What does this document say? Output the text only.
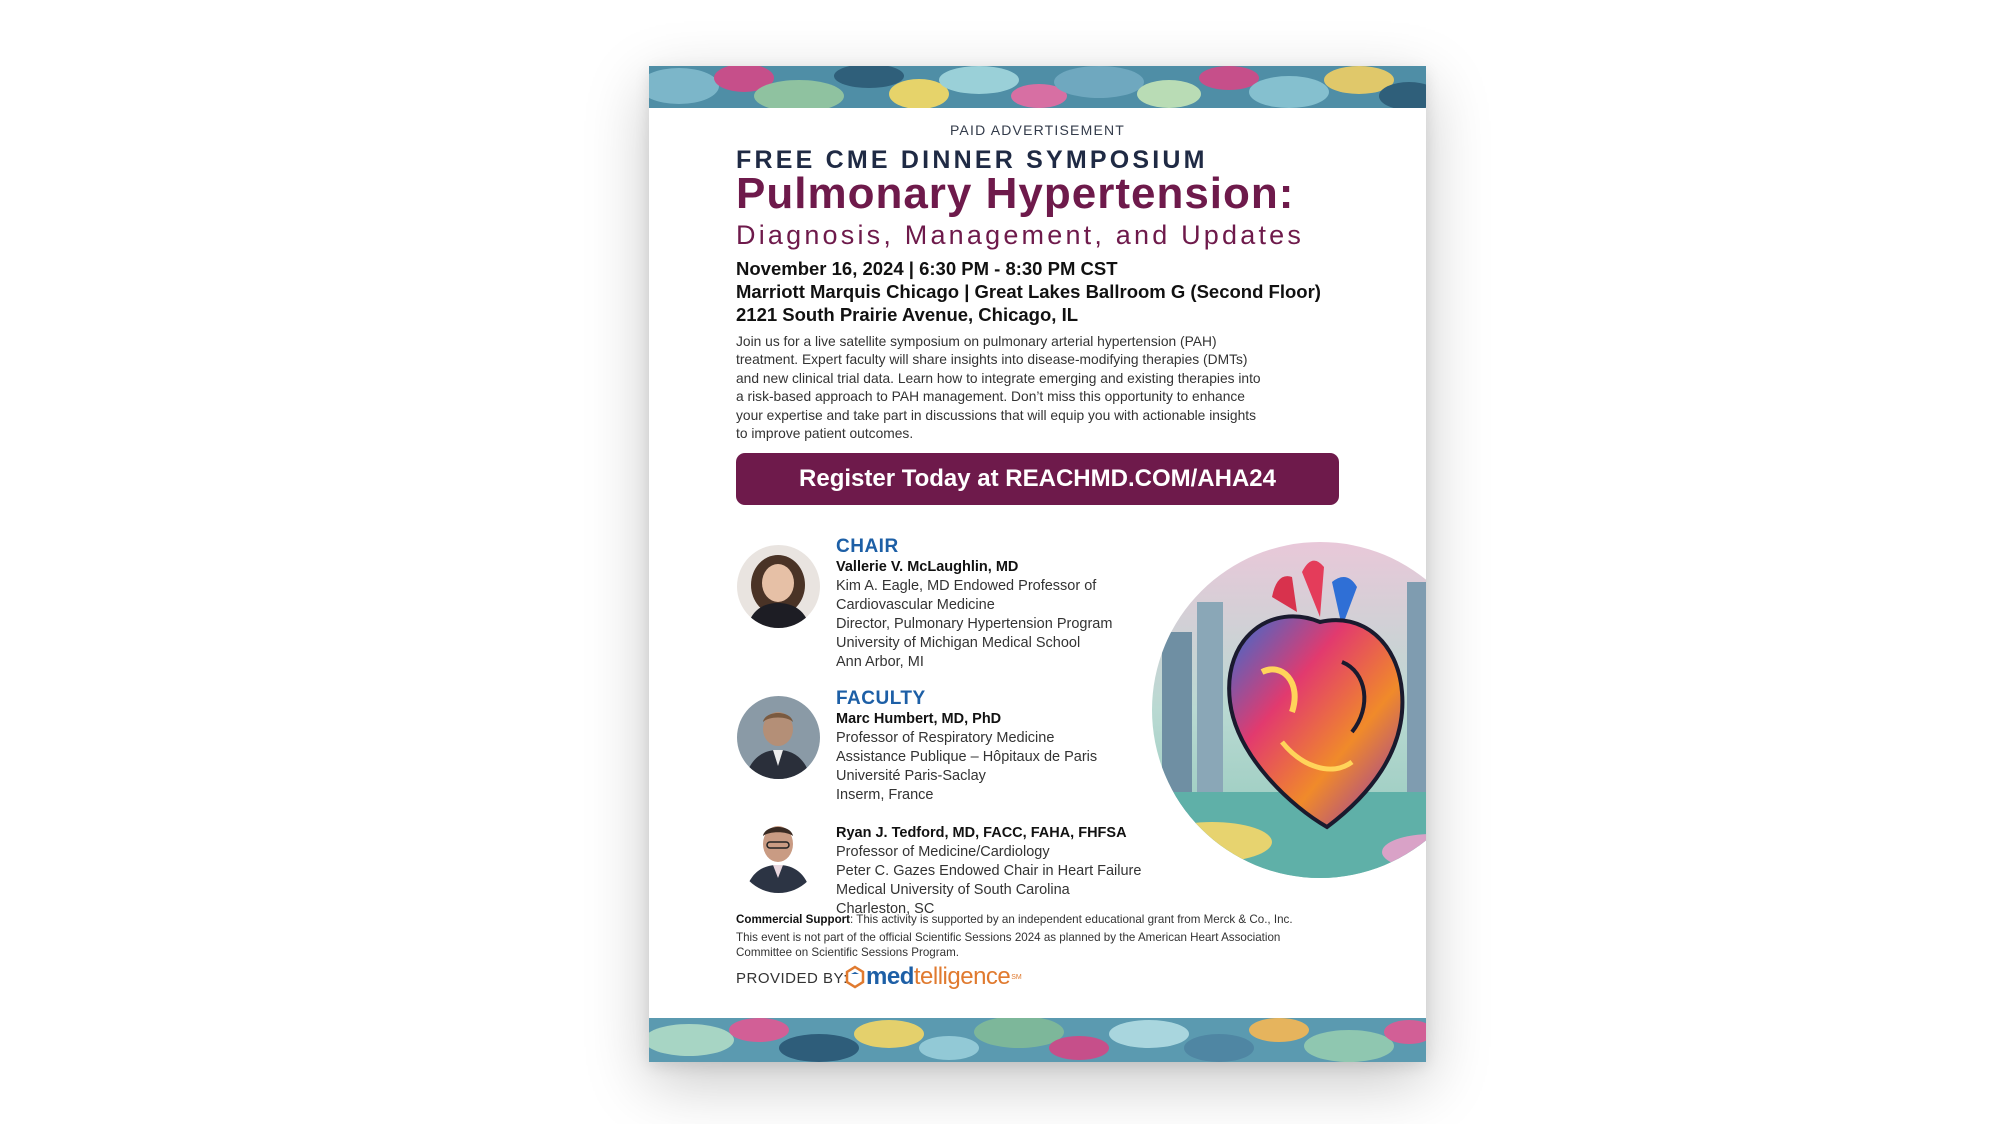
PAID ADVERTISEMENT
FREE CME DINNER SYMPOSIUM
Pulmonary Hypertension:
Diagnosis, Management, and Updates
November 16, 2024 | 6:30 PM - 8:30 PM CST
Marriott Marquis Chicago | Great Lakes Ballroom G (Second Floor)
2121 South Prairie Avenue, Chicago, IL
Join us for a live satellite symposium on pulmonary arterial hypertension (PAH)
treatment. Expert faculty will share insights into disease-modifying therapies (DMTs)
and new clinical trial data. Learn how to integrate emerging and existing therapies into
a risk-based approach to PAH management. Don’t miss this opportunity to enhance
your expertise and take part in discussions that will equip you with actionable insights
to improve patient outcomes.
Register Today at REACHMD.COM/AHA24
CHAIR
Vallerie V. McLaughlin, MD
Kim A. Eagle, MD Endowed Professor of
Cardiovascular Medicine
Director, Pulmonary Hypertension Program
University of Michigan Medical School
Ann Arbor, MI
FACULTY
Marc Humbert, MD, PhD
Professor of Respiratory Medicine
Assistance Publique – Hôpitaux de Paris
Université Paris-Saclay
Inserm, France
Ryan J. Tedford, MD, FACC, FAHA, FHFSA
Professor of Medicine/Cardiology
Peter C. Gazes Endowed Chair in Heart Failure
Medical University of South Carolina
Charleston, SC
Commercial Support: This activity is supported by an independent educational grant from Merck & Co., Inc.
This event is not part of the official Scientific Sessions 2024 as planned by the American Heart Association
Committee on Scientific Sessions Program.
PROVIDED BY: med telligence SM
